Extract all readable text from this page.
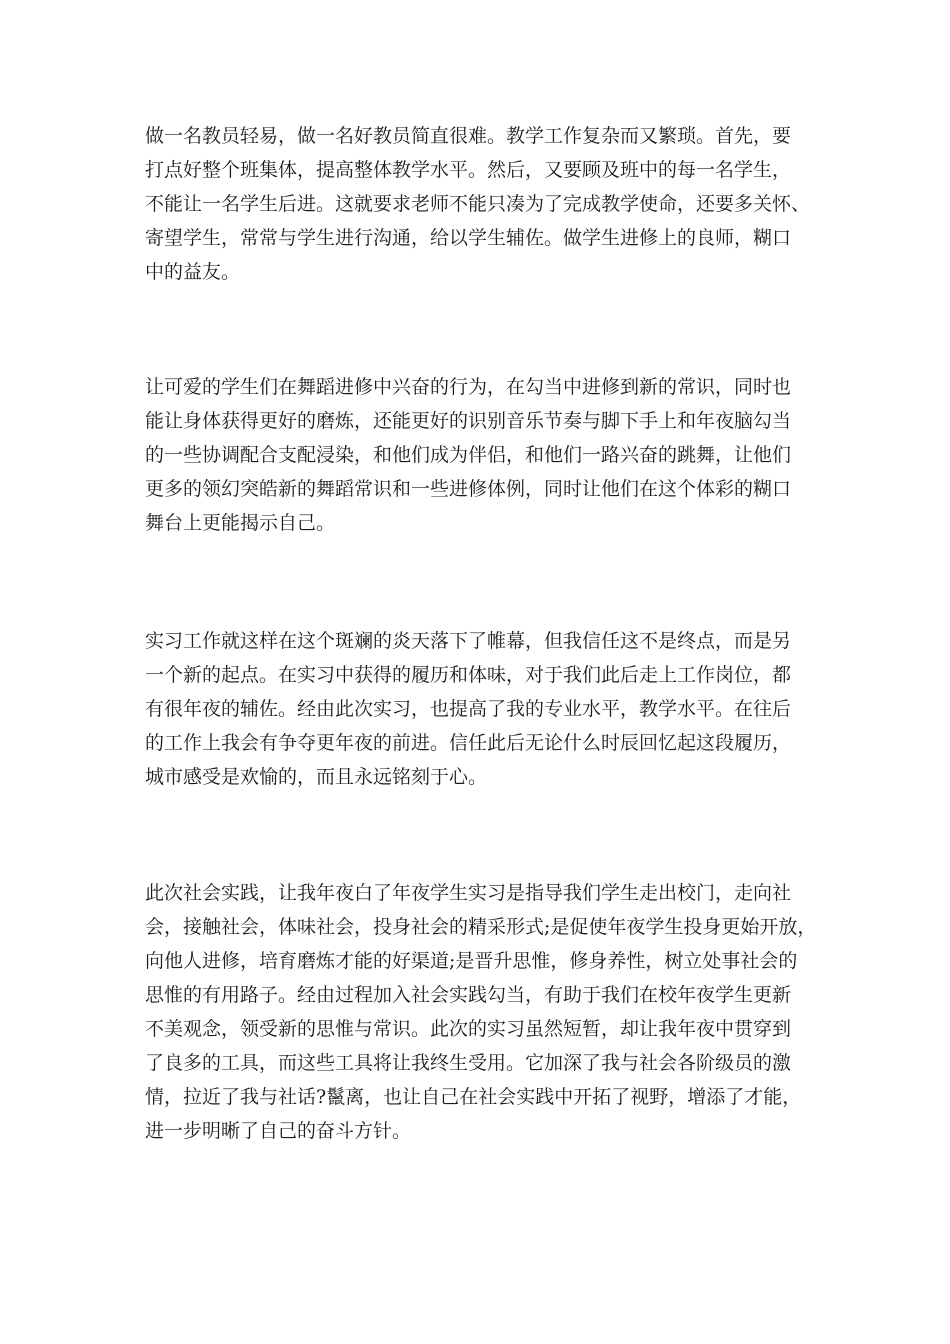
做一名教员轻易，做一名好教员简直很难。教学工作复杂而又繁琐。首先，要
打点好整个班集体，提高整体教学水平。然后，又要顾及班中的每一名学生，
不能让一名学生后进。这就要求老师不能只凑为了完成教学使命，还要多关怀、
寄望学生，常常与学生进行沟通，给以学生辅佐。做学生进修上的良师，糊口
中的益友。
让可爱的学生们在舞蹈进修中兴奋的行为，在勾当中进修到新的常识，同时也
能让身体获得更好的磨炼，还能更好的识别音乐节奏与脚下手上和年夜脑勾当
的一些协调配合支配浸染，和他们成为伴侣，和他们一路兴奋的跳舞，让他们
更多的领幻突皓新的舞蹈常识和一些进修体例，同时让他们在这个体彩的糊口
舞台上更能揭示自己。
实习工作就这样在这个斑斓的炎天落下了帷幕，但我信任这不是终点，而是另
一个新的起点。在实习中获得的履历和体味，对于我们此后走上工作岗位，都
有很年夜的辅佐。经由此次实习，也提高了我的专业水平，教学水平。在往后
的工作上我会有争夺更年夜的前进。信任此后无论什么时辰回忆起这段履历，
城市感受是欢愉的，而且永远铭刻于心。
此次社会实践，让我年夜白了年夜学生实习是指导我们学生走出校门，走向社
会，接触社会，体味社会，投身社会的精采形式;是促使年夜学生投身更始开放，
向他人进修，培育磨炼才能的好渠道;是晋升思惟，修身养性，树立处事社会的
思惟的有用路子。经由过程加入社会实践勾当，有助于我们在校年夜学生更新
不美观念，领受新的思惟与常识。此次的实习虽然短暂，却让我年夜中贯穿到
了良多的工具，而这些工具将让我终生受用。它加深了我与社会各阶级员的激
情，拉近了我与社话?鬣离，也让自己在社会实践中开拓了视野，增添了才能，
进一步明晰了自己的奋斗方针。
